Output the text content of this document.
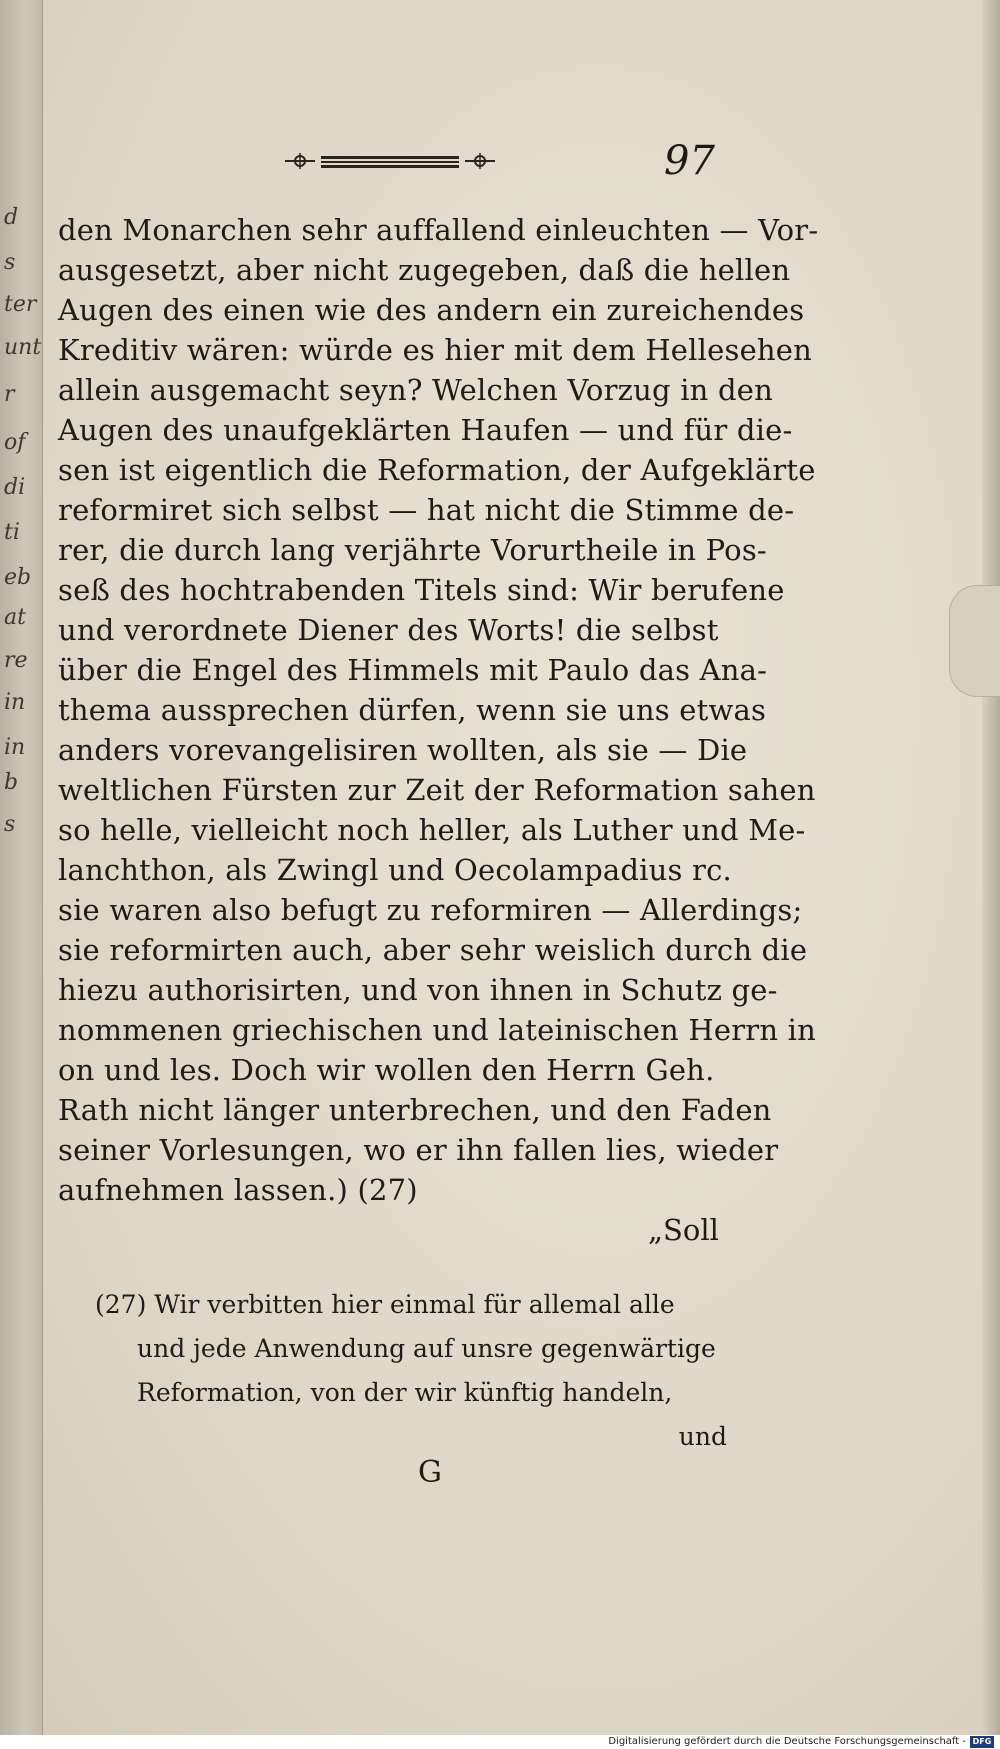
d
s
ter
unt
r
of
di
ti
eb
at
re
in
in
b
s
97
den Monarchen sehr auffallend einleuchten — Vor-
ausgesetzt, aber nicht zugegeben, daß die hellen
Augen des einen wie des andern ein zureichendes
Kreditiv wären: würde es hier mit dem Hellesehen
allein ausgemacht seyn? Welchen Vorzug in den
Augen des unaufgeklärten Haufen — und für die-
sen ist eigentlich die Reformation, der Aufgeklärte
reformiret sich selbst — hat nicht die Stimme de-
rer, die durch lang verjährte Vorurtheile in Pos-
seß des hochtrabenden Titels sind: Wir berufene
und verordnete Diener des Worts! die selbst
über die Engel des Himmels mit Paulo das Ana-
thema aussprechen dürfen, wenn sie uns etwas
anders vorevangelisiren wollten, als sie — Die
weltlichen Fürsten zur Zeit der Reformation sahen
so helle, vielleicht noch heller, als Luther und Me-
lanchthon, als Zwingl und Oecolampadius rc.
sie waren also befugt zu reformiren — Allerdings;
sie reformirten auch, aber sehr weislich durch die
hiezu authorisirten, und von ihnen in Schutz ge-
nommenen griechischen und lateinischen Herrn in
on und les. Doch wir wollen den Herrn Geh.
Rath nicht länger unterbrechen, und den Faden
seiner Vorlesungen, wo er ihn fallen lies, wieder
aufnehmen lassen.) (27)
„Soll
(27) Wir verbitten hier einmal für allemal alle
und jede Anwendung auf unsre gegenwärtige
Reformation, von der wir künftig handeln,
und
G
Digitalisierung gefördert durch die Deutsche Forschungsgemeinschaft - DFG
